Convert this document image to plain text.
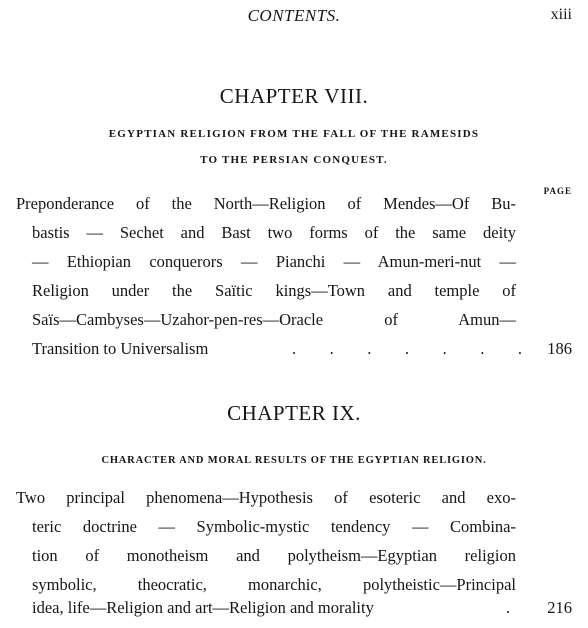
CONTENTS.	xiii
CHAPTER VIII.
EGYPTIAN RELIGION FROM THE FALL OF THE RAMESIDS
TO THE PERSIAN CONQUEST.
PAGE
Preponderance of the North—Religion of Mendes—Of Bu-
bastis — Sechet and Bast two forms of the same deity
— Ethiopian conquerors — Pianchi — Amun-meri-nut —
Religion under the Saïtic kings—Town and temple of
Saïs—Cambyses—Uzahor-pen-res—Oracle of Amun—
Transition to Universalism	. . . . . . . 186
CHAPTER IX.
CHARACTER AND MORAL RESULTS OF THE EGYPTIAN RELIGION.
Two principal phenomena—Hypothesis of esoteric and exo-
teric doctrine — Symbolic-mystic tendency — Combina-
tion of monotheism and polytheism—Egyptian religion
symbolic, theocratic, monarchic, polytheistic—Principal
idea, life—Religion and art—Religion and morality	. 216
